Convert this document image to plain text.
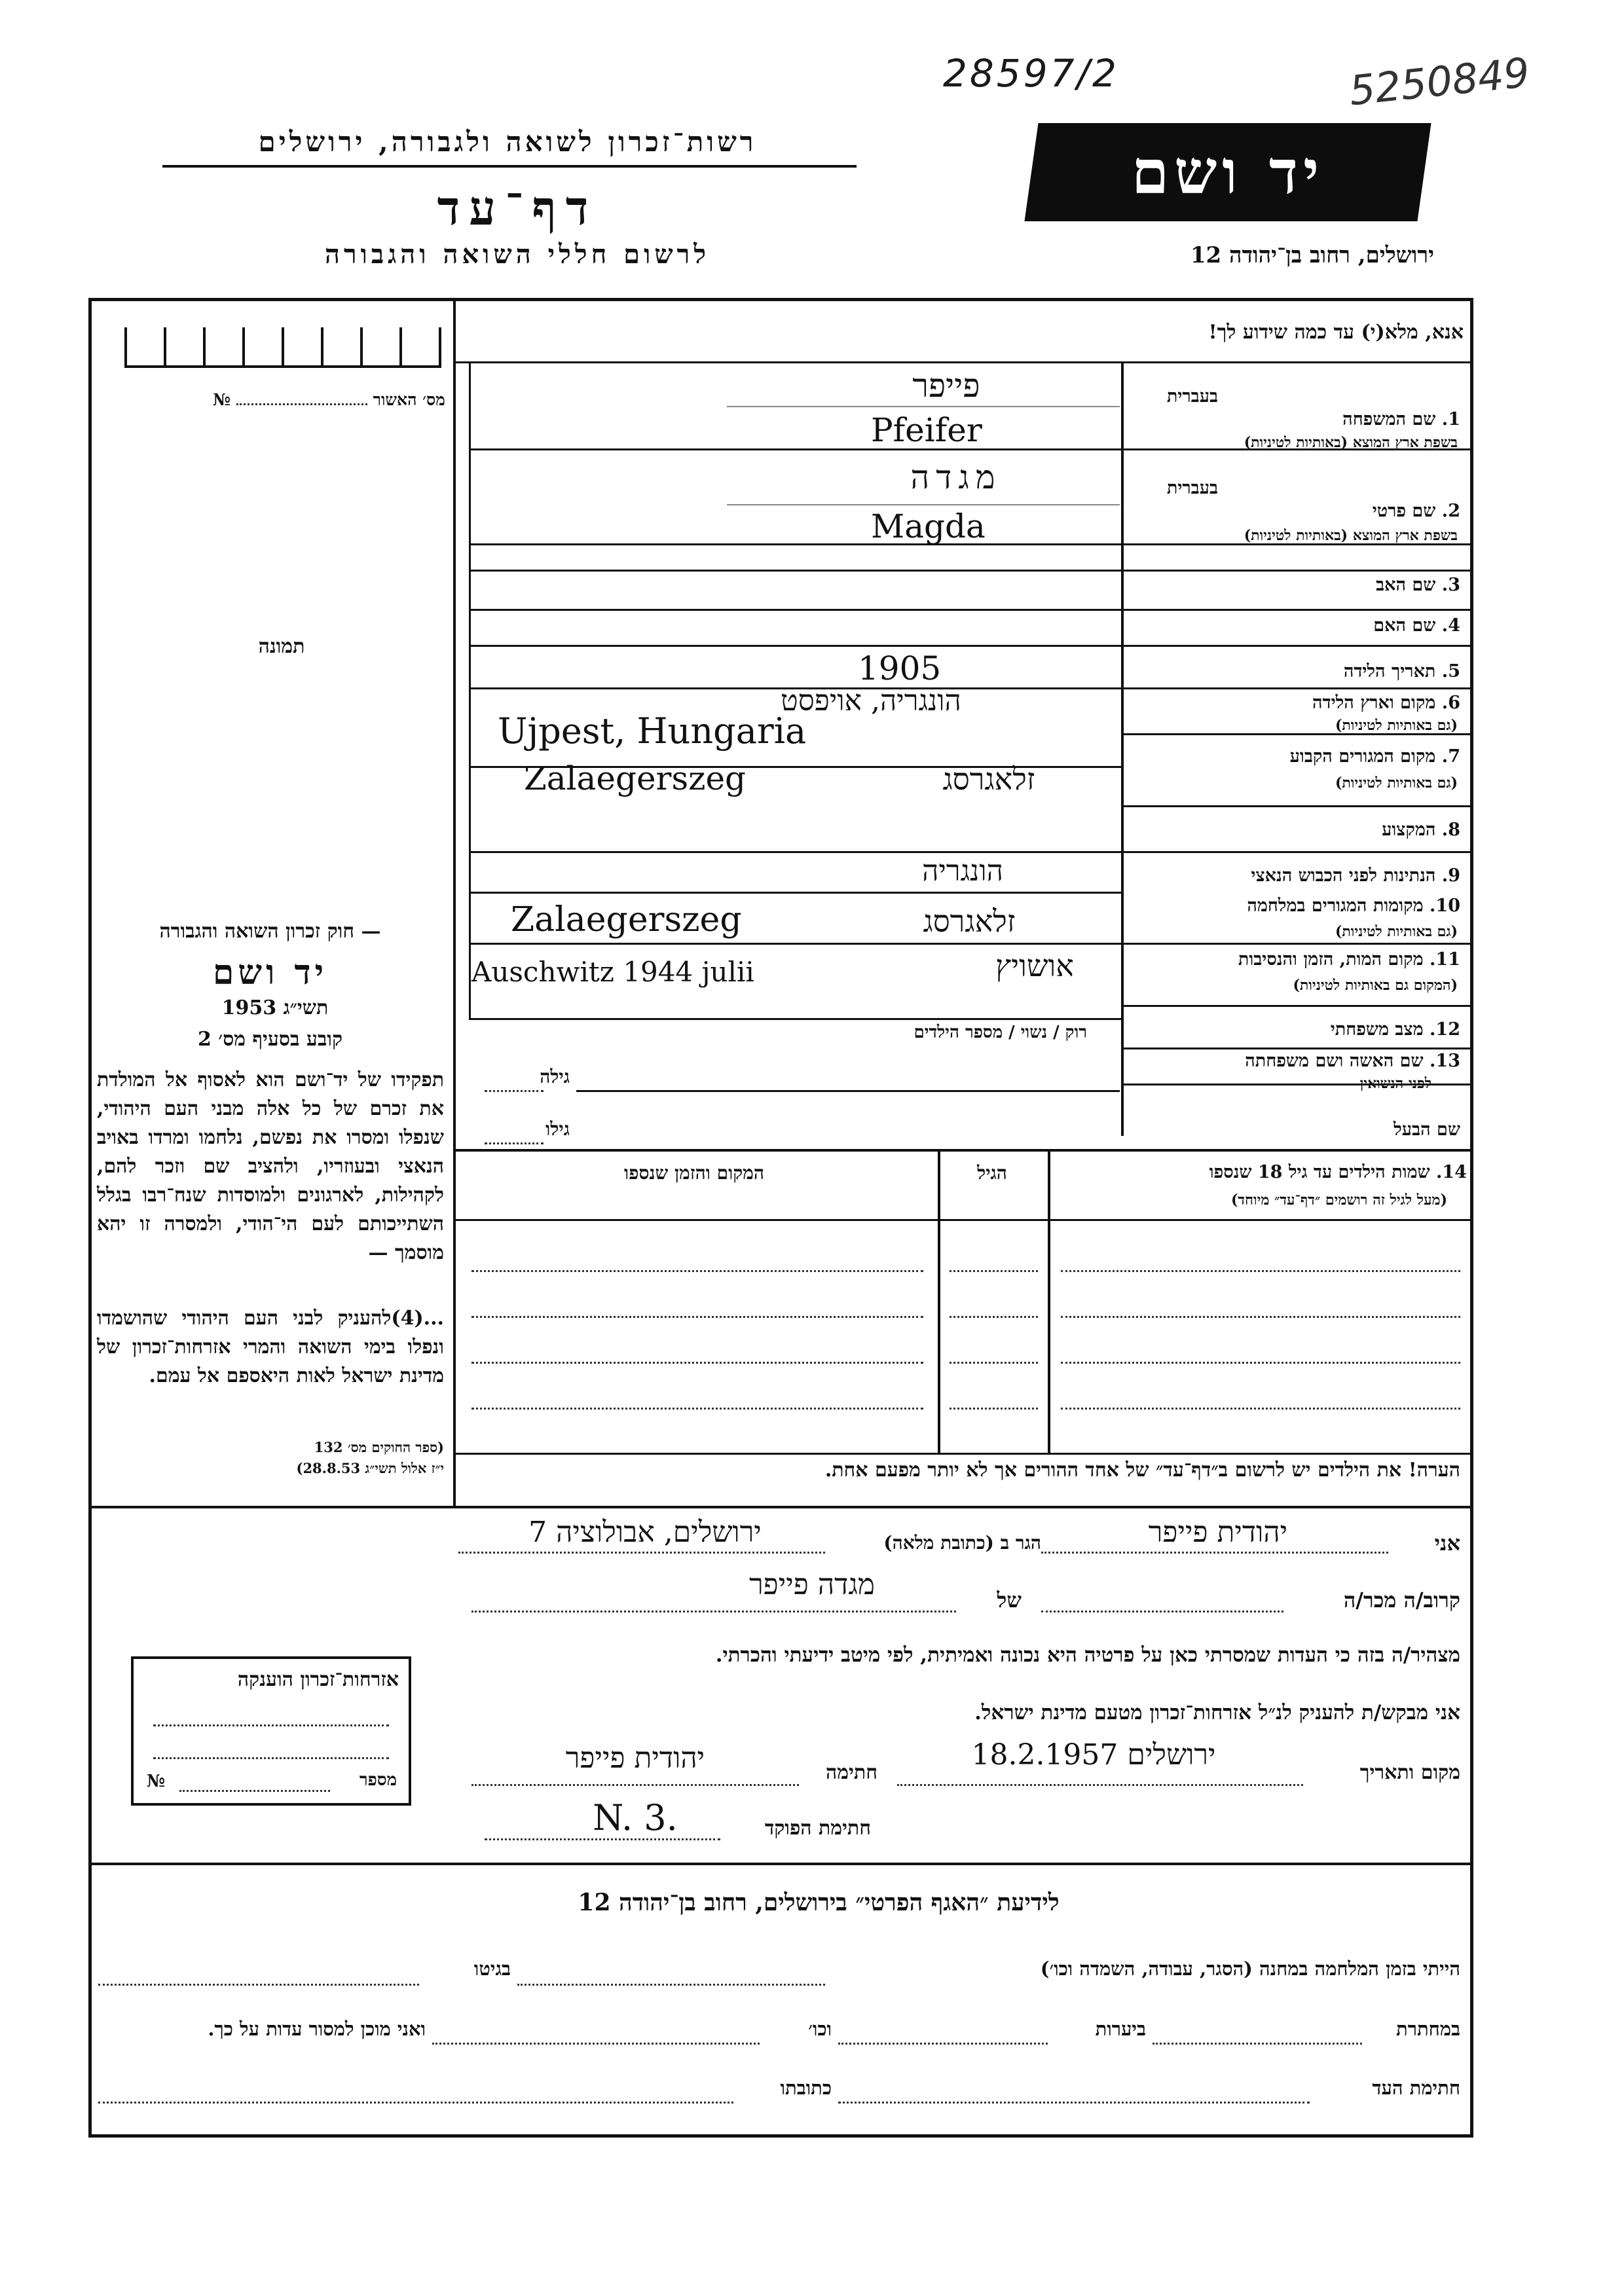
28597/2	5250849
רשות־זכרון לשואה ולגבורה, ירושלים
דף־עד
לרשום חללי השואה והגבורה
יד ושם
ירושלים, רחוב בן־יהודה 12
מס׳ האשור  №
תמונה
— חוק זכרון השואה והגבורה
יד ושם
תשי״ג 1953
קובע בסעיף מס׳ 2
תפקידו של יד־ושם הוא לאסוף אל המולדת את זכרם של כל אלה מבני העם היהודי, שנפלו ומסרו את נפשם, נלחמו ומרדו באויב הנאצי ובעוזריו, ולהציב שם וזכר להם, לקהילות, לארגונים ולמוסדות שנח־רבו בגלל השתייכותם לעם הי־הודי, ולמסרה זו יהא מוסמך —
...(4)להעניק לבני העם היהודי שהושמדו ונפלו בימי השואה והמרי אזרחות־זכרון של מדינת ישראל לאות היאספם אל עמם.
(ספר החוקים מס׳ 132
י״ז אלול תשי״ג 28.8.53)
אנא, מלא(י) עד כמה שידוע לך!
בעברית
1. שם המשפחה
בשפת ארץ המוצא (באותיות לטיניות)
פייפר
Pfeifer
בעברית
2. שם פרטי
בשפת ארץ המוצא (באותיות לטיניות)
מגדה
Magda
3. שם האב
4. שם האם
5. תאריך הלידה
1905
6. מקום וארץ הלידה
(גם באותיות לטיניות)
הונגריה, אויפסט
Ujpest, Hungaria
7. מקום המגורים הקבוע
(גם באותיות לטיניות)
זלאגרסג
Zalaegerszeg
8. המקצוע
9. הנתינות לפני הכבוש הנאצי
הונגריה
10. מקומות המגורים במלחמה
(גם באותיות לטיניות)
זלאגרסג
Zalaegerszeg
11. מקום המות, הזמן והנסיבות
(המקום גם באותיות לטיניות)
אושויץ
Auschwitz 1944 julii
12. מצב משפחתי
רוק / נשוי / מספר הילדים
13. שם האשה ושם משפחתה
לפני הנשואין
גילה
שם הבעל
גילו
14. שמות הילדים עד גיל 18 שנספו
(מעל לגיל זה רושמים ״דף־עד״ מיוחד)
הגיל
המקום והזמן שנספו
הערה! את הילדים יש לרשום ב״דף־עד״ של אחד ההורים אך לא יותר מפעם אחת.
אני
יהודית פייפר
הגר ב (כתובת מלאה)
ירושלים, אבולוציה 7
קרוב/ה מכר/ה
של
מגדה פייפר
מצהיר/ה בזה כי העדות שמסרתי כאן על פרטיה היא נכונה ואמיתית, לפי מיטב ידיעתי והכרתי.
אני מבקש/ת להעניק לנ״ל אזרחות־זכרון מטעם מדינת ישראל.
מקום ותאריך
ירושלים 18.2.1957
חתימה
יהודית פייפר
חתימת הפוקד
N. 3.
אזרחות־זכרון הוענקה
מספר
№
לידיעת ״האגף הפרטי״ בירושלים, רחוב בן־יהודה 12
הייתי בזמן המלחמה במחנה (הסגר, עבודה, השמדה וכו׳)
בגיטו
במחתרת
ביערות
וכו׳
ואני מוכן למסור עדות על כך.
חתימת העד
כתובתו
